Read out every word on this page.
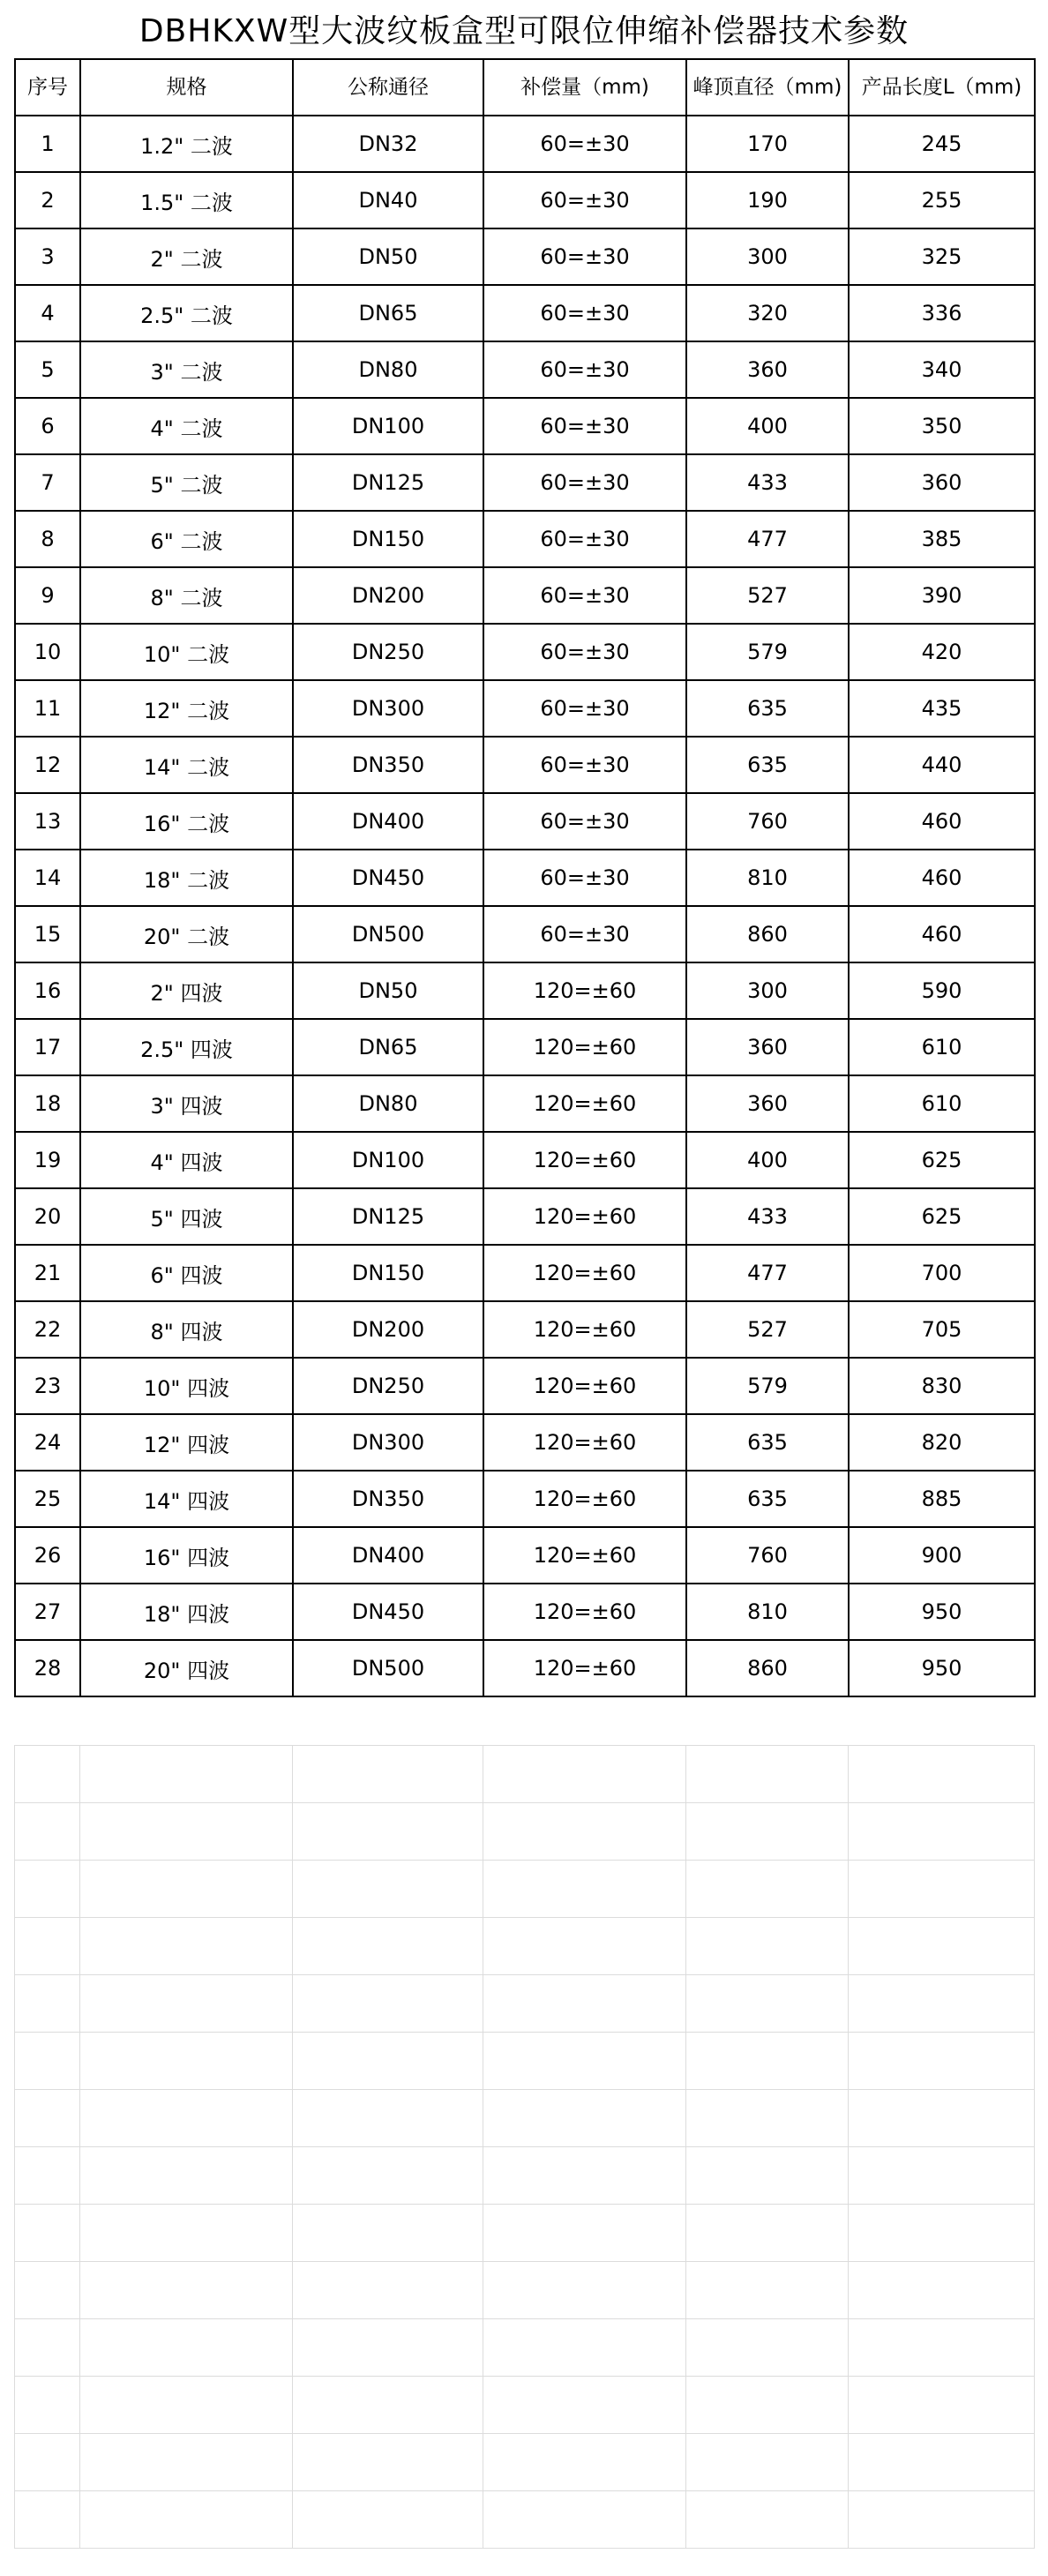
DBHKXW型大波纹板盒型可限位伸缩补偿器技术参数
序号	规格	公称通径	补偿量（mm)	峰顶直径（mm)	产品长度L（mm)
1	1.2" 二波	DN32	60=±30	170	245
2	1.5" 二波	DN40	60=±30	190	255
3	2" 二波	DN50	60=±30	300	325
4	2.5" 二波	DN65	60=±30	320	336
5	3" 二波	DN80	60=±30	360	340
6	4" 二波	DN100	60=±30	400	350
7	5" 二波	DN125	60=±30	433	360
8	6" 二波	DN150	60=±30	477	385
9	8" 二波	DN200	60=±30	527	390
10	10" 二波	DN250	60=±30	579	420
11	12" 二波	DN300	60=±30	635	435
12	14" 二波	DN350	60=±30	635	440
13	16" 二波	DN400	60=±30	760	460
14	18" 二波	DN450	60=±30	810	460
15	20" 二波	DN500	60=±30	860	460
16	2" 四波	DN50	120=±60	300	590
17	2.5" 四波	DN65	120=±60	360	610
18	3" 四波	DN80	120=±60	360	610
19	4" 四波	DN100	120=±60	400	625
20	5" 四波	DN125	120=±60	433	625
21	6" 四波	DN150	120=±60	477	700
22	8" 四波	DN200	120=±60	527	705
23	10" 四波	DN250	120=±60	579	830
24	12" 四波	DN300	120=±60	635	820
25	14" 四波	DN350	120=±60	635	885
26	16" 四波	DN400	120=±60	760	900
27	18" 四波	DN450	120=±60	810	950
28	20" 四波	DN500	120=±60	860	950
